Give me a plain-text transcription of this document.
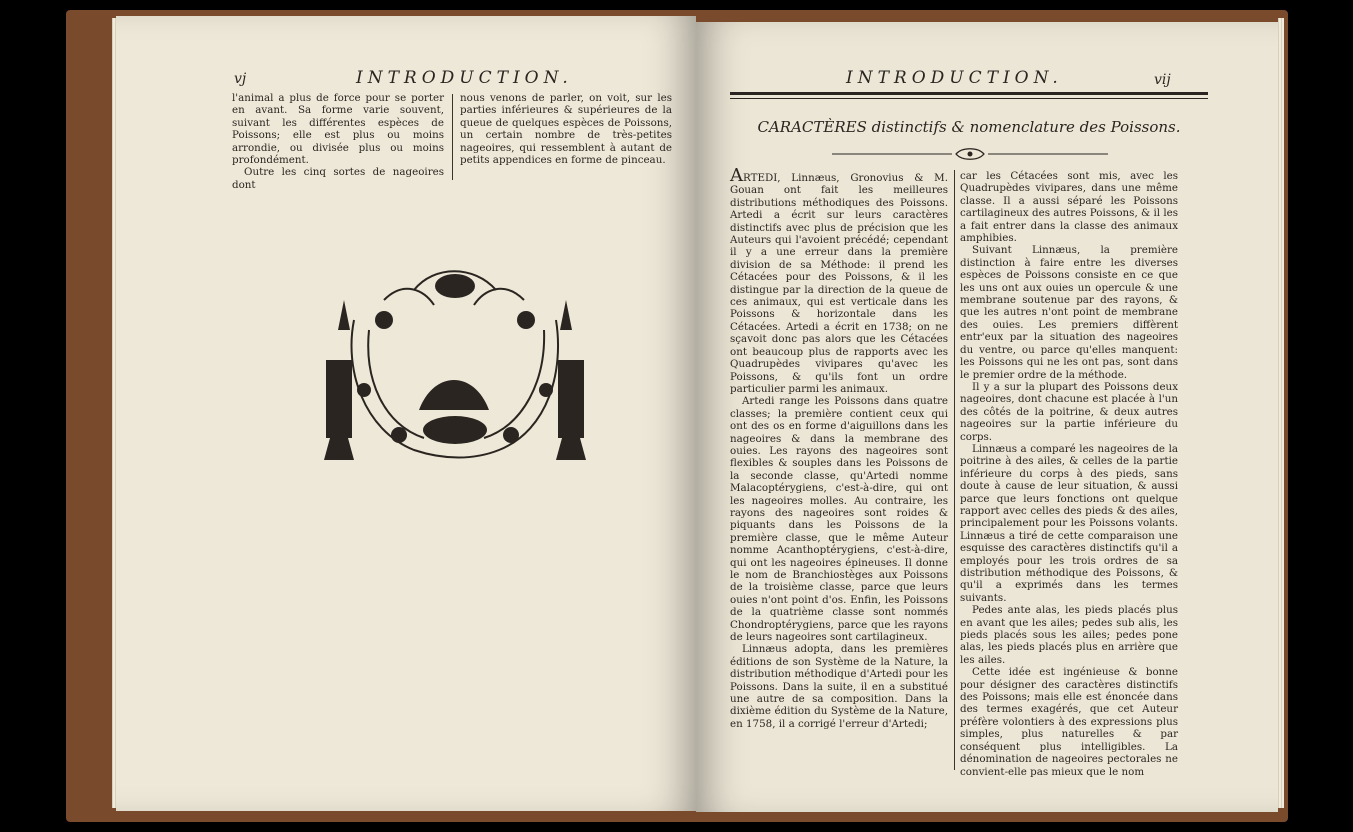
vj	INTRODUCTION.

l'animal a plus de force pour se porter en avant. Sa forme varie souvent, suivant les différentes espèces de Poissons; elle est plus ou moins arrondie, ou divisée plus ou moins profondément.

Outre les cinq sortes de nageoires dont

nous venons de parler, on voit, sur les parties inférieures & supérieures de la queue de quelques espèces de Poissons, un certain nombre de très-petites nageoires, qui ressemblent à autant de petits appendices en forme de pinceau.

INTRODUCTION.	vij
CARACTÈRES distinctifs & nomenclature des Poissons.

ARTEDI, Linnæus, Gronovius & M. Gouan ont fait les meilleures distributions méthodiques des Poissons. Artedi a écrit sur leurs caractères distinctifs avec plus de précision que les Auteurs qui l'avoient précédé; cependant il y a une erreur dans la première division de sa Méthode: il prend les Cétacées pour des Poissons, & il les distingue par la direction de la queue de ces animaux, qui est verticale dans les Poissons & horizontale dans les Cétacées. Artedi a écrit en 1738; on ne sçavoit donc pas alors que les Cétacées ont beaucoup plus de rapports avec les Quadrupèdes vivipares qu'avec les Poissons, & qu'ils font un ordre particulier parmi les animaux.

Artedi range les Poissons dans quatre classes; la première contient ceux qui ont des os en forme d'aiguillons dans les nageoires & dans la membrane des ouies. Les rayons des nageoires sont flexibles & souples dans les Poissons de la seconde classe, qu'Artedi nomme Malacoptérygiens, c'est-à-dire, qui ont les nageoires molles. Au contraire, les rayons des nageoires sont roides & piquants dans les Poissons de la première classe, que le même Auteur nomme Acanthoptérygiens, c'est-à-dire, qui ont les nageoires épineuses. Il donne le nom de Branchiostèges aux Poissons de la troisième classe, parce que leurs ouies n'ont point d'os. Enfin, les Poissons de la quatrième classe sont nommés Chondroptérygiens, parce que les rayons de leurs nageoires sont cartilagineux.

Linnæus adopta, dans les premières éditions de son Système de la Nature, la distribution méthodique d'Artedi pour les Poissons. Dans la suite, il en a substitué une autre de sa composition. Dans la dixième édition du Système de la Nature, en 1758, il a corrigé l'erreur d'Artedi;

car les Cétacées sont mis, avec les Quadrupèdes vivipares, dans une même classe. Il a aussi séparé les Poissons cartilagineux des autres Poissons, & il les a fait entrer dans la classe des animaux amphibies.

Suivant Linnæus, la première distinction à faire entre les diverses espèces de Poissons consiste en ce que les uns ont aux ouies un opercule & une membrane soutenue par des rayons, & que les autres n'ont point de membrane des ouies. Les premiers diffèrent entr'eux par la situation des nageoires du ventre, ou parce qu'elles manquent: les Poissons qui ne les ont pas, sont dans le premier ordre de la méthode.

Il y a sur la plupart des Poissons deux nageoires, dont chacune est placée à l'un des côtés de la poitrine, & deux autres nageoires sur la partie inférieure du corps.

Linnæus a comparé les nageoires de la poitrine à des ailes, & celles de la partie inférieure du corps à des pieds, sans doute à cause de leur situation, & aussi parce que leurs fonctions ont quelque rapport avec celles des pieds & des ailes, principalement pour les Poissons volants. Linnæus a tiré de cette comparaison une esquisse des caractères distinctifs qu'il a employés pour les trois ordres de sa distribution méthodique des Poissons, & qu'il a exprimés dans les termes suivants.

Pedes ante alas, les pieds placés plus en avant que les ailes; pedes sub alis, les pieds placés sous les ailes; pedes pone alas, les pieds placés plus en arrière que les ailes.

Cette idée est ingénieuse & bonne pour désigner des caractères distinctifs des Poissons; mais elle est énoncée dans des termes exagérés, que cet Auteur préfère volontiers à des expressions plus simples, plus naturelles & par conséquent plus intelligibles. La dénomination de nageoires pectorales ne convient-elle pas mieux que le nom
